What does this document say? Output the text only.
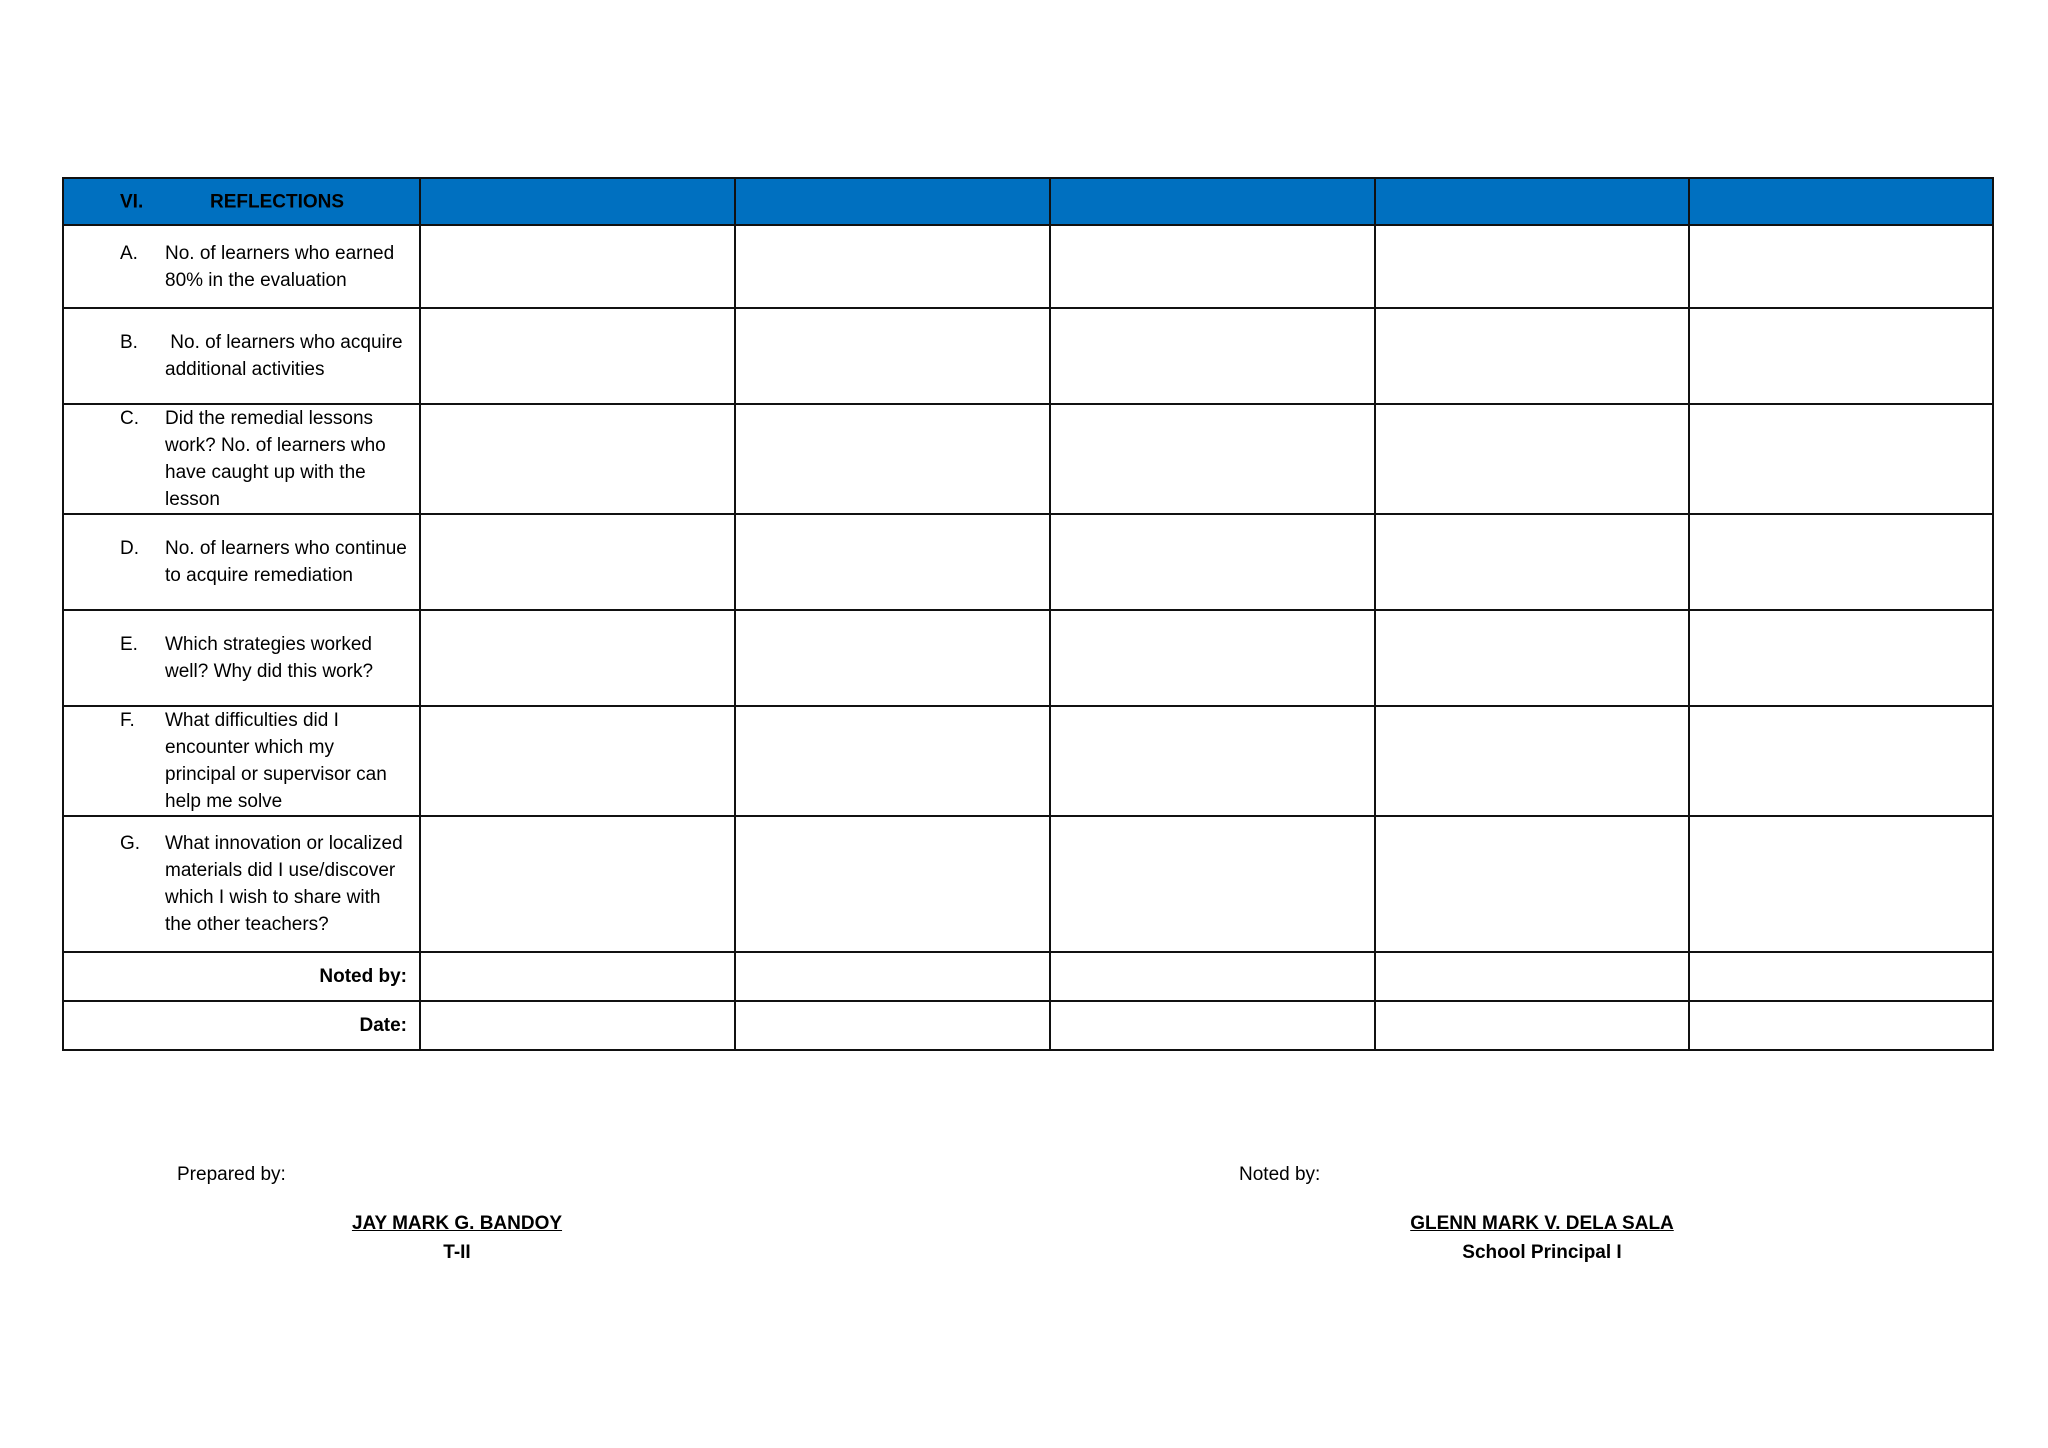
VI. REFLECTIONS					

A. No. of learners who earned 80% in the evaluation					

B. No. of learners who acquire additional activities					

C. Did the remedial lessons work? No. of learners who have caught up with the lesson					

D. No. of learners who continue to acquire remediation					

E. Which strategies worked well? Why did this work?					

F. What difficulties did I encounter which my principal or supervisor can help me solve					

G. What innovation or localized materials did I use/discover which I wish to share with the other teachers?					

Noted by:					
Date:					
Prepared by:
JAY MARK G. BANDOY
T-II
Noted by:
GLENN MARK V. DELA SALA
School Principal I
